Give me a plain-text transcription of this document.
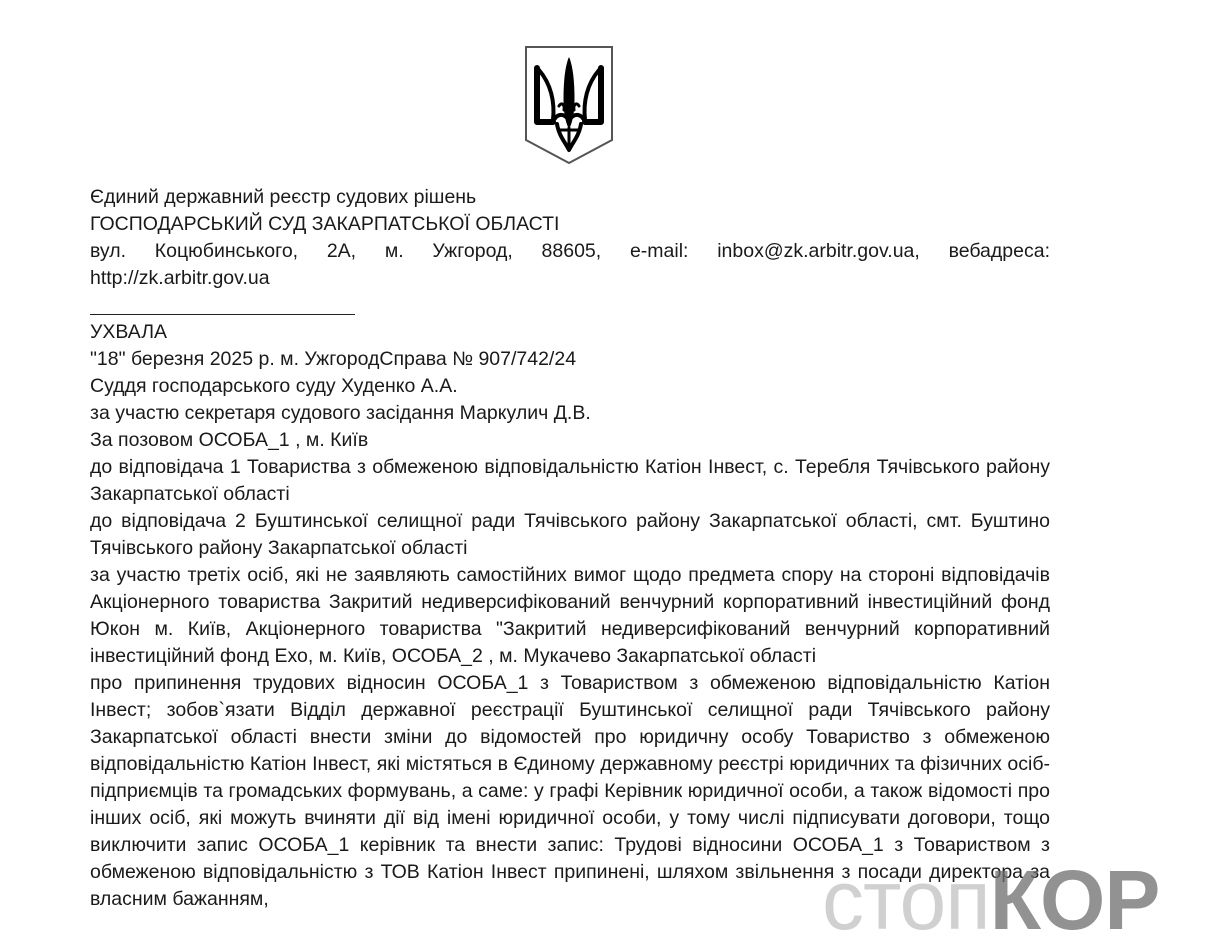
Єдиний державний реєстр судових рішень
ГОСПОДАРСЬКИЙ СУД ЗАКАРПАТСЬКОЇ ОБЛАСТІ
вул. Коцюбинського, 2А, м. Ужгород, 88605, e-mail: inbox@zk.arbitr.gov.ua, вебадреса:
http://zk.arbitr.gov.ua
УХВАЛА
"18" березня 2025 р. м. УжгородСправа № 907/742/24
Суддя господарського суду Худенко А.А.
за участю секретаря судового засідання Маркулич Д.В.
За позовом ОСОБА_1 , м. Київ
до відповідача 1 Товариства з обмеженою відповідальністю Катіон Інвест, с. Теребля Тячівського району Закарпатської області
до відповідача 2 Буштинської селищної ради Тячівського району Закарпатської області, смт. Буштино Тячівського району Закарпатської області
за участю третіх осіб, які не заявляють самостійних вимог щодо предмета спору на стороні відповідачів Акціонерного товариства Закритий недиверсифікований венчурний корпоративний інвестиційний фонд Юкон м. Київ, Акціонерного товариства "Закритий недиверсифікований венчурний корпоративний інвестиційний фонд Ехо, м. Київ, ОСОБА_2 , м. Мукачево Закарпатської області
про припинення трудових відносин ОСОБА_1 з Товариством з обмеженою відповідальністю Катіон Інвест; зобов`язати Відділ державної реєстрації Буштинської селищної ради Тячівського району Закарпатської області внести зміни до відомостей про юридичну особу Товариство з обмеженою відповідальністю Катіон Інвест, які містяться в Єдиному державному реєстрі юридичних та фізичних осіб-підприємців та громадських формувань, а саме: у графі Керівник юридичної особи, а також відомості про інших осіб, які можуть вчиняти дії від імені юридичної особи, у тому числі підписувати договори, тощо виключити запис ОСОБА_1 керівник та внести запис: Трудові відносини ОСОБА_1 з Товариством з обмеженою відповідальністю з ТОВ Катіон Інвест припинені, шляхом звільнення з посади директора за власним бажанням,	стопКОР
